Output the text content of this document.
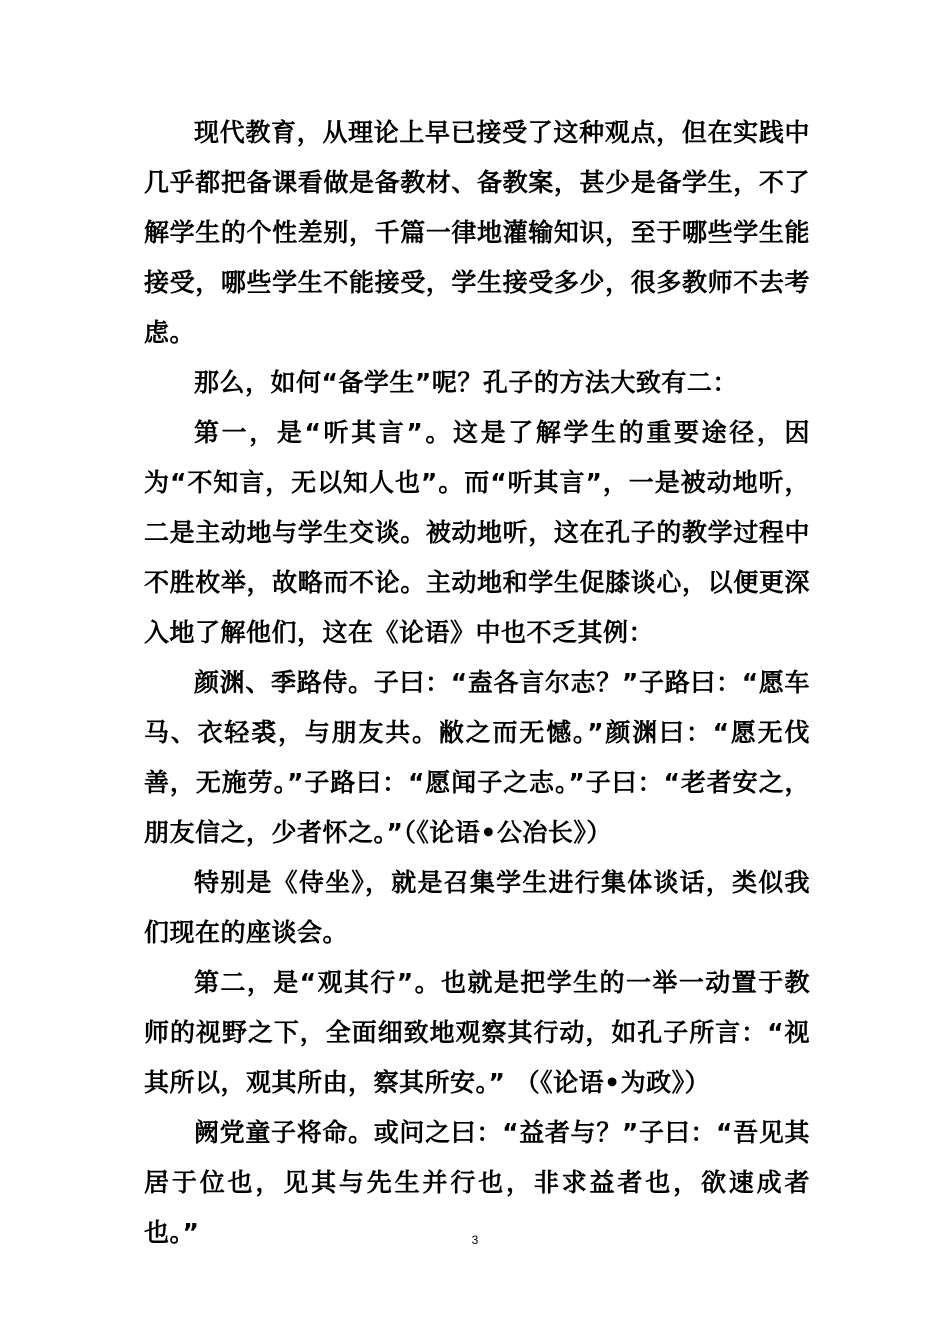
现代教育，从理论上早已接受了这种观点，但在实践中几乎都把备课看做是备教材、备教案，甚少是备学生，不了解学生的个性差别，千篇一律地灌输知识，至于哪些学生能接受，哪些学生不能接受，学生接受多少，很多教师不去考虑。

那么，如何“备学生”呢？孔子的方法大致有二：

第一，是“听其言”。这是了解学生的重要途径，因为“不知言，无以知人也”。而“听其言”，一是被动地听，二是主动地与学生交谈。被动地听，这在孔子的教学过程中不胜枚举，故略而不论。主动地和学生促膝谈心，以便更深入地了解他们，这在《论语》中也不乏其例：

颜渊、季路侍。子曰：“盍各言尔志？”子路曰：“愿车马、衣轻裘，与朋友共。敝之而无憾。”颜渊曰：“愿无伐善，无施劳。”子路曰：“愿闻子之志。”子曰：“老者安之，朋友信之，少者怀之。”（《论语•公冶长》）

特别是《侍坐》，就是召集学生进行集体谈话，类似我们现在的座谈会。

第二，是“观其行”。也就是把学生的一举一动置于教师的视野之下，全面细致地观察其行动，如孔子所言：“视其所以，观其所由，察其所安。” （《论语•为政》）

阙党童子将命。或问之曰：“益者与？”子曰：“吾见其居于位也，见其与先生并行也，非求益者也，欲速成者也。”	3
